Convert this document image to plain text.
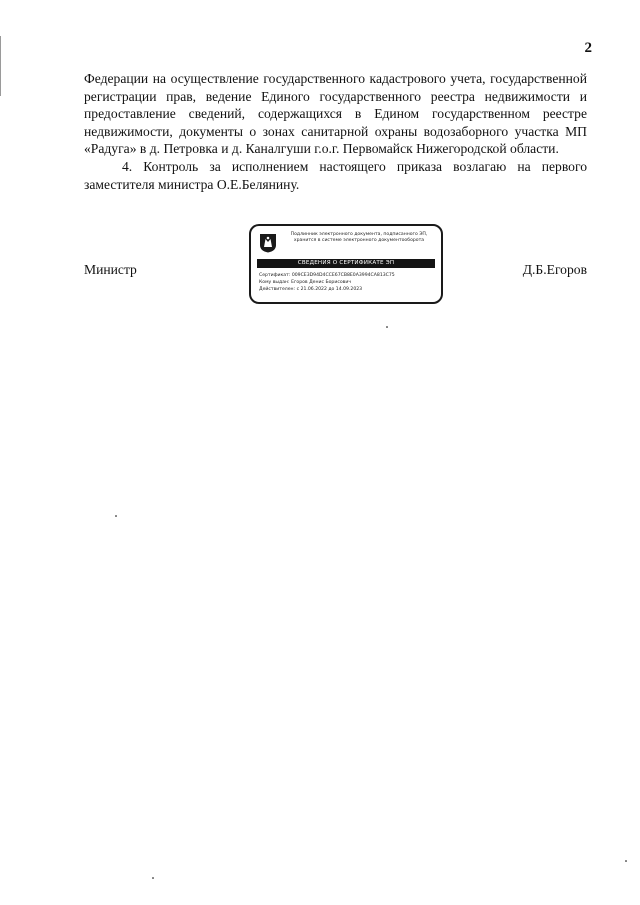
2

Федерации на осуществление государственного кадастрового учета, государственной регистрации прав, ведение Единого государственного реестра недвижимости и предоставление сведений, содержащихся в Едином государственном реестре недвижимости, документы о зонах санитарной охраны водозаборного участка МП «Радуга» в д. Петровка и д. Каналгуши г.о.г. Первомайск Нижегородской области.

4. Контроль за исполнением настоящего приказа возлагаю на первого заместителя министра О.Е.Белянину.

Министр	Д.Б.Егоров
Подлинник электронного документа, подписанного ЭП,
хранится в системе электронного документооборота
СВЕДЕНИЯ О СЕРТИФИКАТЕ ЭП
Сертификат: 009CE3D94D4CCE67CB8E0A3994CA813C75
Кому выдан: Егоров Денис Борисович
Действителен: с 21.06.2022 до 14.09.2023
